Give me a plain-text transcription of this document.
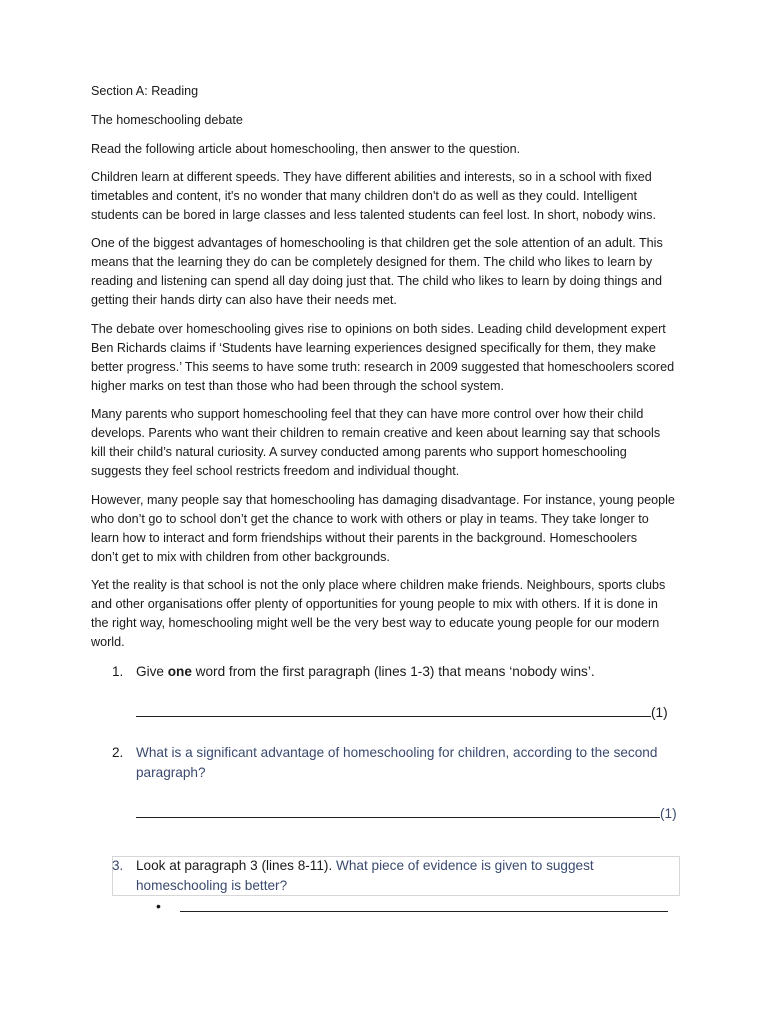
Section A: Reading
The homeschooling debate
Read the following article about homeschooling, then answer to the question.
Children learn at different speeds. They have different abilities and interests, so in a school with fixed
timetables and content, it's no wonder that many children don't do as well as they could. Intelligent
students can be bored in large classes and less talented students can feel lost. In short, nobody wins.
One of the biggest advantages of homeschooling is that children get the sole attention of an adult. This
means that the learning they do can be completely designed for them. The child who likes to learn by
reading and listening can spend all day doing just that. The child who likes to learn by doing things and
getting their hands dirty can also have their needs met.
The debate over homeschooling gives rise to opinions on both sides. Leading child development expert
Ben Richards claims if ‘Students have learning experiences designed specifically for them, they make
better progress.’ This seems to have some truth: research in 2009 suggested that homeschoolers scored
higher marks on test than those who had been through the school system.
Many parents who support homeschooling feel that they can have more control over how their child
develops. Parents who want their children to remain creative and keen about learning say that schools
kill their child’s natural curiosity. A survey conducted among parents who support homeschooling
suggests they feel school restricts freedom and individual thought.
However, many people say that homeschooling has damaging disadvantage. For instance, young people
who don’t go to school don’t get the chance to work with others or play in teams. They take longer to
learn how to interact and form friendships without their parents in the background. Homeschoolers
don’t get to mix with children from other backgrounds.
Yet the reality is that school is not the only place where children make friends. Neighbours, sports clubs
and other organisations offer plenty of opportunities for young people to mix with others. If it is done in
the right way, homeschooling might well be the very best way to educate young people for our modern
world.
1. Give one word from the first paragraph (lines 1-3) that means ‘nobody wins’.
(1)
2. What is a significant advantage of homeschooling for children, according to the second
paragraph?
(1)
3. Look at paragraph 3 (lines 8-11). What piece of evidence is given to suggest
homeschooling is better?
•
